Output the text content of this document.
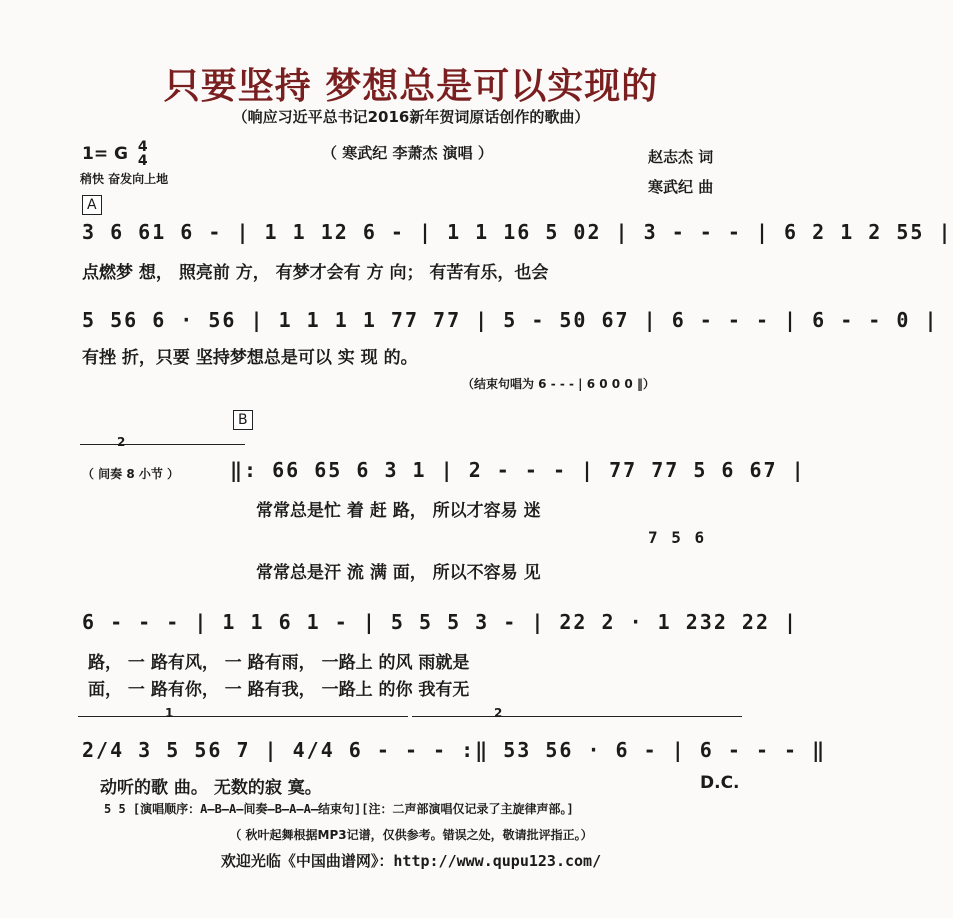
只要坚持 梦想总是可以实现的
（响应习近平总书记2016新年贺词原话创作的歌曲）
1= G 4
4
稍快 奋发向上地
（ 寒武纪 李萧杰 演唱 ）	赵志杰 词
寒武纪 曲
A
3 6 61 6 - | 1 1 12 6 - | 1 1 16 5 02 | 3 - - - | 6 2 1 2 55 |
点燃梦 想， 照亮前 方， 有梦才会有 方 向； 有苦有乐，也会
5 56 6 · 56 | 1 1 1 1 77 77 | 5 - 50 67 | 6 - - - | 6 - - 0 |
有挫 折，只要 坚持梦想总是可以 实 现 的。
（结束句唱为 6 - - - | 6 0 0 0 ‖）
B
2
（ 间奏 8 小节 ）	‖: 66 65 6 3 1 | 2 - - - | 77 77 5 6 67 |
常常总是忙 着 赶 路， 所以才容易 迷
7 5 6
常常总是汗 流 满 面， 所以不容易 见
6 - - - | 1 1 6 1 - | 5 5 5 3 - | 22 2 · 1 232 22 |
路， 一 路有风， 一 路有雨， 一路上 的风 雨就是
面， 一 路有你， 一 路有我， 一路上 的你 我有无
1	2
2/4 3 5 56 7 | 4/4 6 - - - :‖ 53 56 · 6 - | 6 - - - ‖
动听的歌 曲。 无数的寂 寞。	D.C.
5 5 [演唱顺序：A—B—A—间奏—B—A—A—结束句][注：二声部演唱仅记录了主旋律声部。]
（ 秋叶起舞根据MP3记谱，仅供参考。错误之处，敬请批评指正。）
欢迎光临《中国曲谱网》：http://www.qupu123.com/
